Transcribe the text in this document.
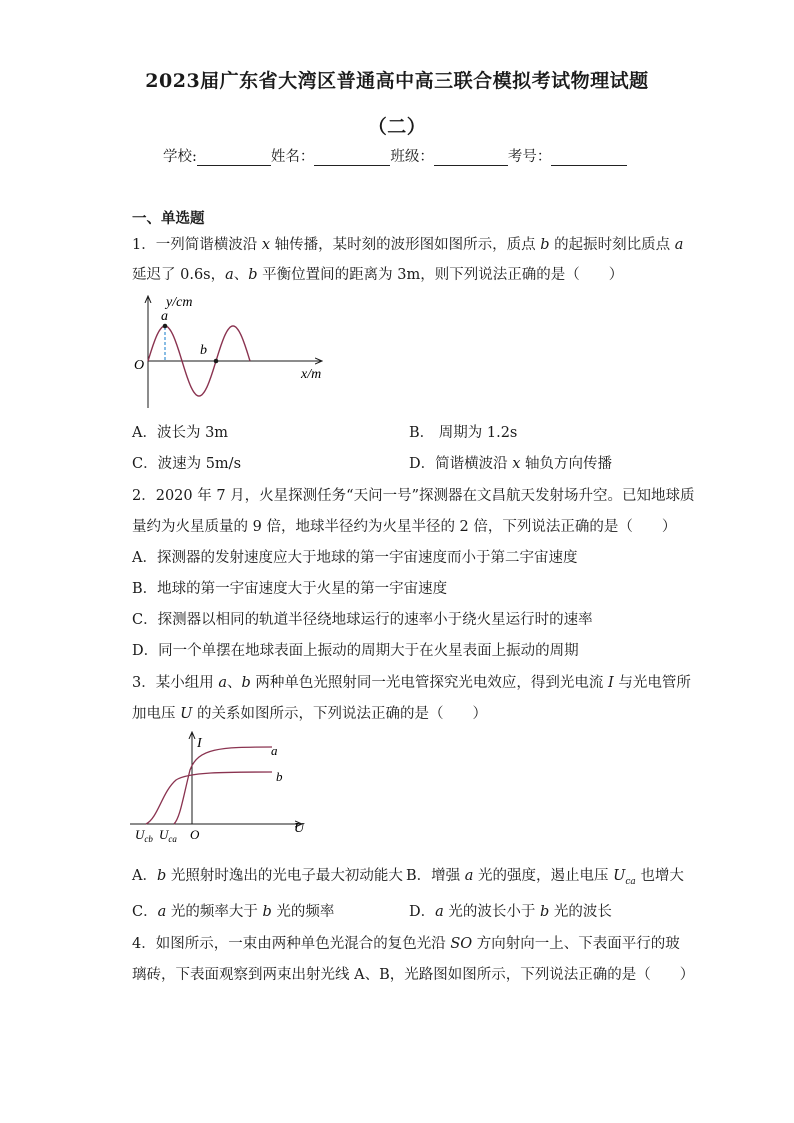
2023届广东省大湾区普通高中高三联合模拟考试物理试题
（二）
学校:	姓名：	班级：	考号：
一、单选题
1．一列简谐横波沿 x 轴传播，某时刻的波形图如图所示，质点 b 的起振时刻比质点 a
延迟了 0.6s，a、b 平衡位置间的距离为 3m，则下列说法正确的是（　　）
y/cm
a
b
O
x/m
A．波长为 3m	B． 周期为 1.2s
C．波速为 5m/s	D．简谐横波沿 x 轴负方向传播
2．2020 年 7 月，火星探测任务“天问一号”探测器在文昌航天发射场升空。已知地球质
量约为火星质量的 9 倍，地球半径约为火星半径的 2 倍，下列说法正确的是（　　）
A．探测器的发射速度应大于地球的第一宇宙速度而小于第二宇宙速度
B．地球的第一宇宙速度大于火星的第一宇宙速度
C．探测器以相同的轨道半径绕地球运行的速率小于绕火星运行时的速率
D．同一个单摆在地球表面上振动的周期大于在火星表面上振动的周期
3．某小组用 a、b 两种单色光照射同一光电管探究光电效应，得到光电流 I 与光电管所
加电压 U 的关系如图所示，下列说法正确的是（　　）
I	a
b
U
O
$U_{cb}$ $U_{ca}$
A．b 光照射时逸出的光电子最大初动能大 B．增强 a 光的强度，遏止电压 $U_{ca}$ 也增大
C．a 光的频率大于 b 光的频率	D．a 光的波长小于 b 光的波长
4．如图所示，一束由两种单色光混合的复色光沿 SO 方向射向一上、下表面平行的玻
璃砖，下表面观察到两束出射光线 A、B，光路图如图所示，下列说法正确的是（　　）
